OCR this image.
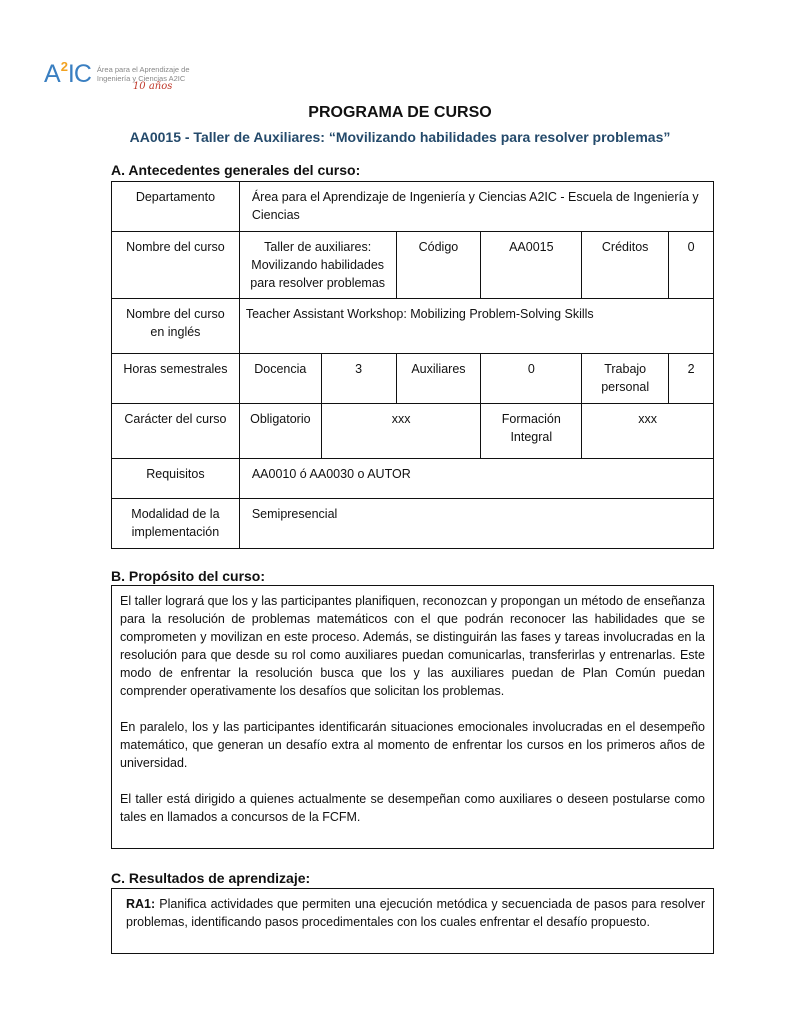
$A^2IC$ Área para el Aprendizaje de
Ingeniería y Ciencias A2IC
10 años
PROGRAMA DE CURSO
AA0015 - Taller de Auxiliares: “Movilizando habilidades para resolver problemas”
A. Antecedentes generales del curso:
Departamento	Área para el Aprendizaje de Ingeniería y Ciencias A2IC - Escuela de Ingeniería y Ciencias					
Nombre del curso	Taller de auxiliares: Movilizando habilidades para resolver problemas		Código	AA0015	Créditos	0
Nombre del curso en inglés	Teacher Assistant Workshop: Mobilizing Problem-Solving Skills					
Horas semestrales	Docencia	3	Auxiliares	0	Trabajo personal	2
Carácter del curso	Obligatorio	xxx		Formación Integral	xxx	
Requisitos	AA0010 ó AA0030 o AUTOR					
Modalidad de la implementación	Semipresencial					
B. Propósito del curso:

El taller logrará que los y las participantes planifiquen, reconozcan y propongan un método de enseñanza para la resolución de problemas matemáticos con el que podrán reconocer las habilidades que se comprometen y movilizan en este proceso. Además, se distinguirán las fases y tareas involucradas en la resolución para que desde su rol como auxiliares puedan comunicarlas, transferirlas y entrenarlas. Este modo de enfrentar la resolución busca que los y las auxiliares puedan de Plan Común puedan comprender operativamente los desafíos que solicitan los problemas.

En paralelo, los y las participantes identificarán situaciones emocionales involucradas en el desempeño matemático, que generan un desafío extra al momento de enfrentar los cursos en los primeros años de universidad.

El taller está dirigido a quienes actualmente se desempeñan como auxiliares o deseen postularse como tales en llamados a concursos de la FCFM.

C. Resultados de aprendizaje:

RA1: Planifica actividades que permiten una ejecución metódica y secuenciada de pasos para resolver problemas, identificando pasos procedimentales con los cuales enfrentar el desafío propuesto.
